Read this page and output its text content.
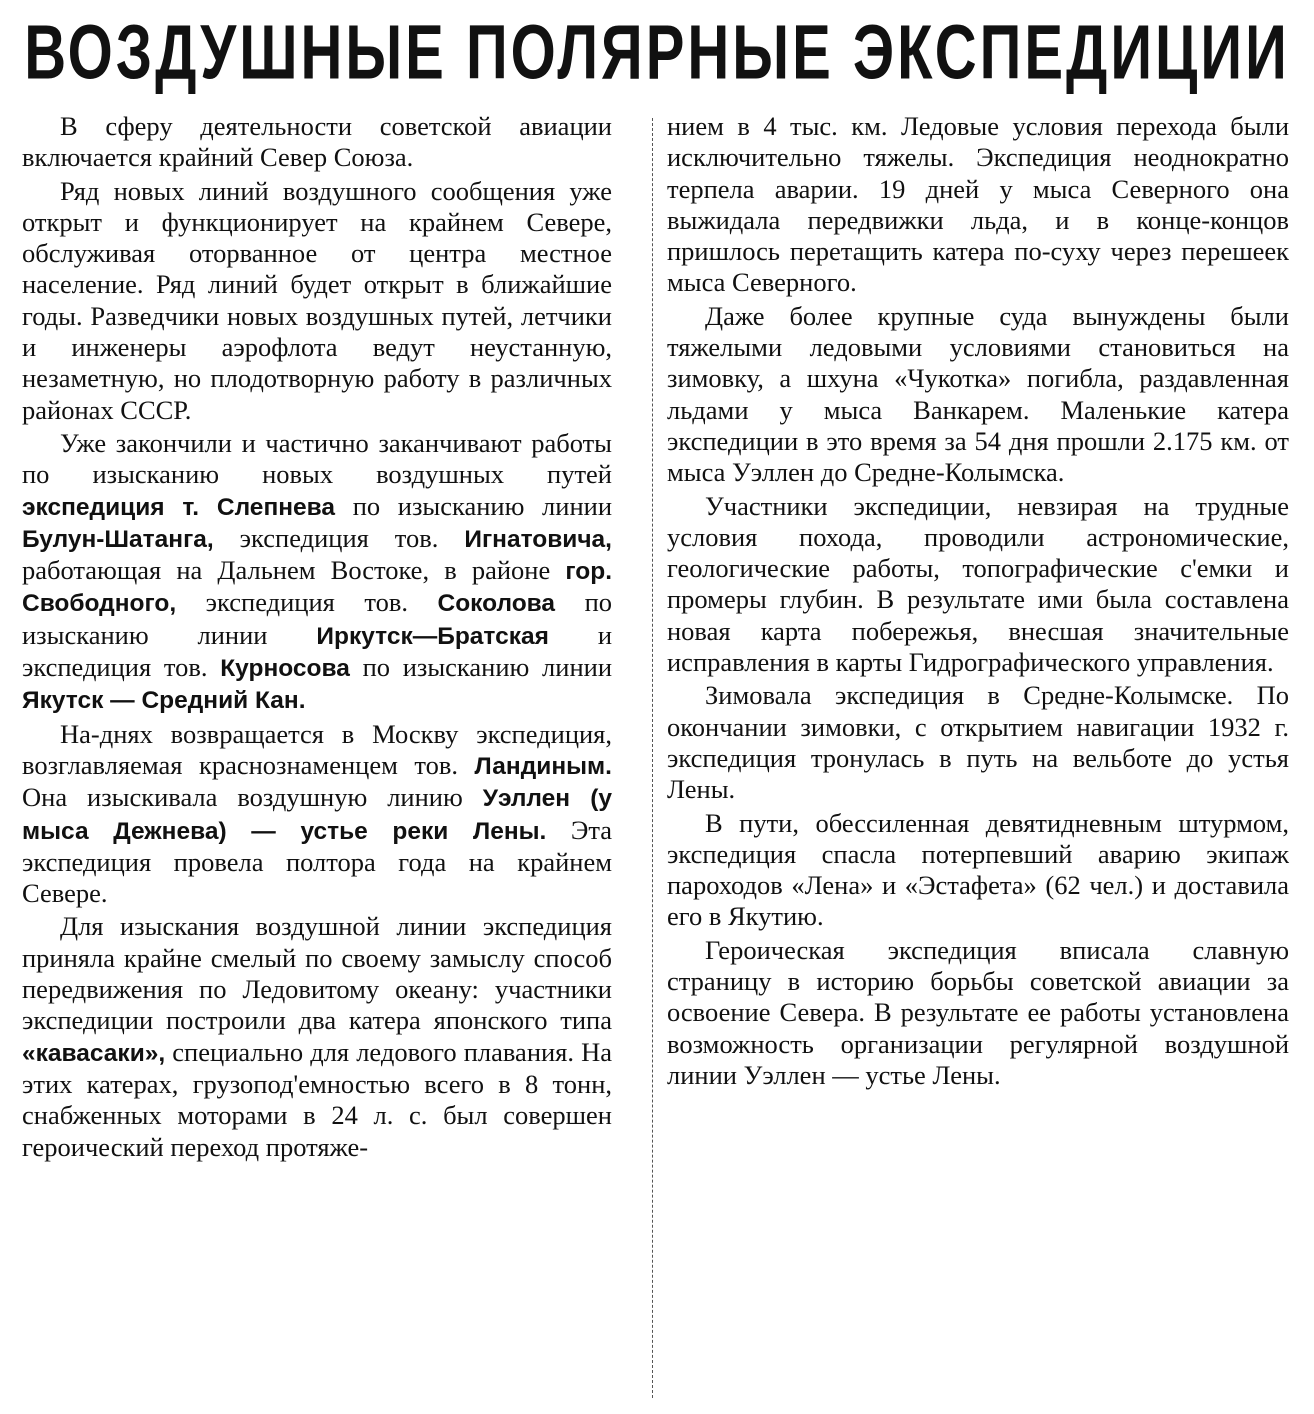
ВОЗДУШНЫЕ ПОЛЯРНЫЕ ЭКСПЕДИЦИИ

В сферу деятельности советской авиации включается крайний Север Союза.

Ряд новых линий воздушного сообщения уже открыт и функционирует на крайнем Севере, обслуживая оторванное от центра местное население. Ряд линий будет открыт в ближайшие годы. Разведчики новых воздушных путей, летчики и инженеры аэрофлота ведут неустанную, незаметную, но плодотворную работу в различных районах СССР.

Уже закончили и частично заканчивают работы по изысканию новых воздушных путей экспедиция т. Слепнева по изысканию линии Булун-Шатанга, экспедиция тов. Игнатовича, работающая на Дальнем Востоке, в районе гор. Свободного, экспедиция тов. Соколова по изысканию линии Иркутск—Братская и экспедиция тов. Курносова по изысканию линии Якутск — Средний Кан.

На-днях возвращается в Москву экспедиция, возглавляемая краснознаменцем тов. Ландиным. Она изыскивала воздушную линию Уэллен (у мыса Дежнева) — устье реки Лены. Эта экспедиция провела полтора года на крайнем Севере.

Для изыскания воздушной линии экспедиция приняла крайне смелый по своему замыслу способ передвижения по Ледовитому океану: участники экспедиции построили два катера японского типа «кавасаки», специально для ледового плавания. На этих катерах, грузопод'емностью всего в 8 тонн, снабженных моторами в 24 л. с. был совершен героический переход протяже-

нием в 4 тыс. км. Ледовые условия перехода были исключительно тяжелы. Экспедиция неоднократно терпела аварии. 19 дней у мыса Северного она выжидала передвижки льда, и в конце-концов пришлось перетащить катера по-суху через перешеек мыса Северного.

Даже более крупные суда вынуждены были тяжелыми ледовыми условиями становиться на зимовку, а шхуна «Чукотка» погибла, раздавленная льдами у мыса Ванкарем. Маленькие катера экспедиции в это время за 54 дня прошли 2.175 км. от мыса Уэллен до Средне-Колымска.

Участники экспедиции, невзирая на трудные условия похода, проводили астрономические, геологические работы, топографические с'емки и промеры глубин. В результате ими была составлена новая карта побережья, внесшая значительные исправления в карты Гидрографического управления.

Зимовала экспедиция в Средне-Колымске. По окончании зимовки, с открытием навигации 1932 г. экспедиция тронулась в путь на вельботе до устья Лены.

В пути, обессиленная девятидневным штурмом, экспедиция спасла потерпевший аварию экипаж пароходов «Лена» и «Эстафета» (62 чел.) и доставила его в Якутию.

Героическая экспедиция вписала славную страницу в историю борьбы советской авиации за освоение Севера. В результате ее работы установлена возможность организации регулярной воздушной линии Уэллен — устье Лены.
